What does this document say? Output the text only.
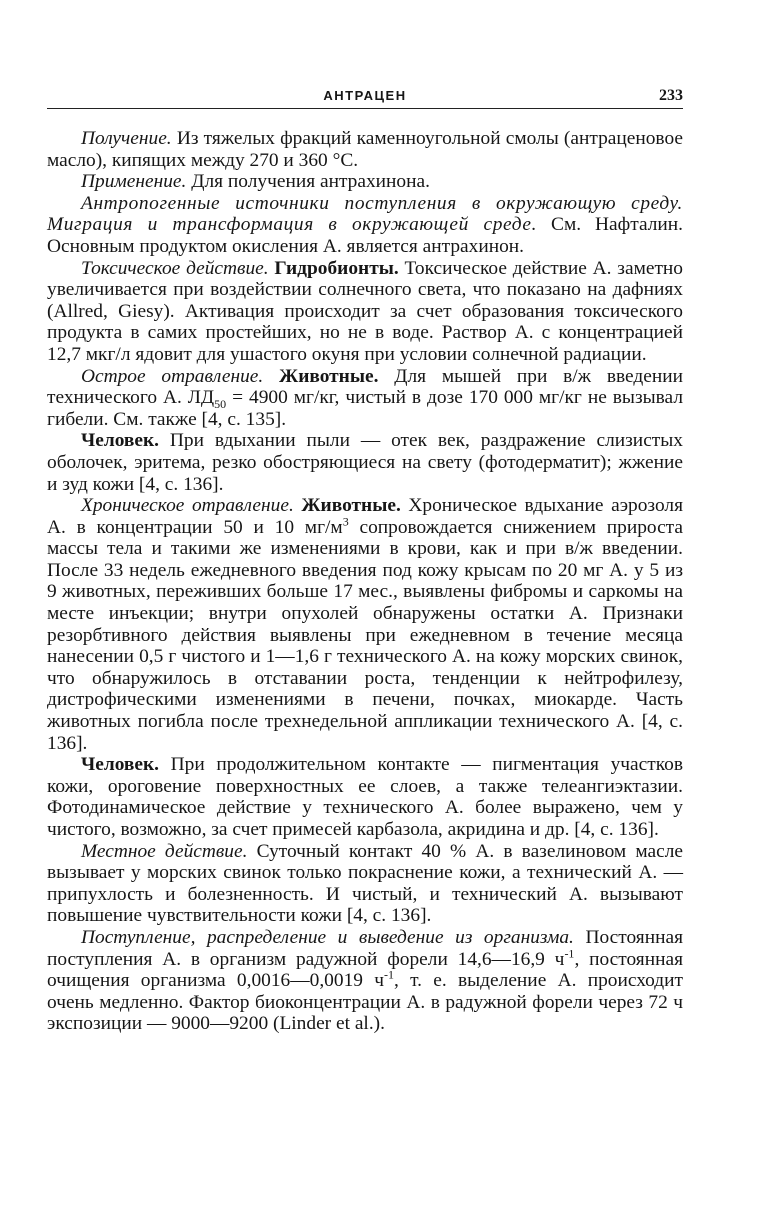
АНТРАЦЕН	233

Получение. Из тяжелых фракций каменноугольной смолы (антраценовое масло), кипящих между 270 и 360 °С.

Применение. Для получения антрахинона.

Антропогенные источники поступления в окружающую среду. Миграция и трансформация в окружающей среде. См. Нафталин. Основным продуктом окисления А. является антрахинон.

Токсическое действие. Гидробионты. Токсическое действие А. заметно увеличивается при воздействии солнечного света, что показано на дафниях (Allred, Giesy). Активация происходит за счет образования токсического продукта в самих простейших, но не в воде. Раствор А. с концентрацией 12,7 мкг/л ядовит для ушастого окуня при условии солнечной радиации.

Острое отравление. Животные. Для мышей при в/ж введении технического А. $ЛД_{50} = 4900$ мг/кг, чистый в дозе 170 000 мг/кг не вызывал гибели. См. также [4, с. 135].

Человек. При вдыхании пыли — отек век, раздражение слизистых оболочек, эритема, резко обостряющиеся на свету (фотодерматит); жжение и зуд кожи [4, с. 136].

Хроническое отравление. Животные. Хроническое вдыхание аэрозоля А. в концентрации 50 и 10 $мг/м^3$ сопровождается снижением прироста массы тела и такими же изменениями в крови, как и при в/ж введении. После 33 недель ежедневного введения под кожу крысам по 20 мг А. у 5 из 9 животных, переживших больше 17 мес., выявлены фибромы и саркомы на месте инъекции; внутри опухолей обнаружены остатки А. Признаки резорбтивного действия выявлены при ежедневном в течение месяца нанесении 0,5 г чистого и 1—1,6 г технического А. на кожу морских свинок, что обнаружилось в отставании роста, тенденции к нейтрофилезу, дистрофическими изменениями в печени, почках, миокарде. Часть животных погибла после трехнедельной аппликации технического А. [4, с. 136].

Человек. При продолжительном контакте — пигментация участков кожи, ороговение поверхностных ее слоев, а также телеангиэктазии. Фотодинамическое действие у технического А. более выражено, чем у чистого, возможно, за счет примесей карбазола, акридина и др. [4, с. 136].

Местное действие. Суточный контакт 40 % А. в вазелиновом масле вызывает у морских свинок только покраснение кожи, а технический А. — припухлость и болезненность. И чистый, и технический А. вызывают повышение чувствительности кожи [4, с. 136].

Поступление, распределение и выведение из организма. Постоянная поступления А. в организм радужной форели 14,6—16,9 $ч^{-1}$, постоянная очищения организма 0,0016—0,0019 $ч^{-1}$, т. е. выделение А. происходит очень медленно. Фактор биоконцентрации А. в радужной форели через 72 ч экспозиции — 9000—9200 (Linder et al.).
